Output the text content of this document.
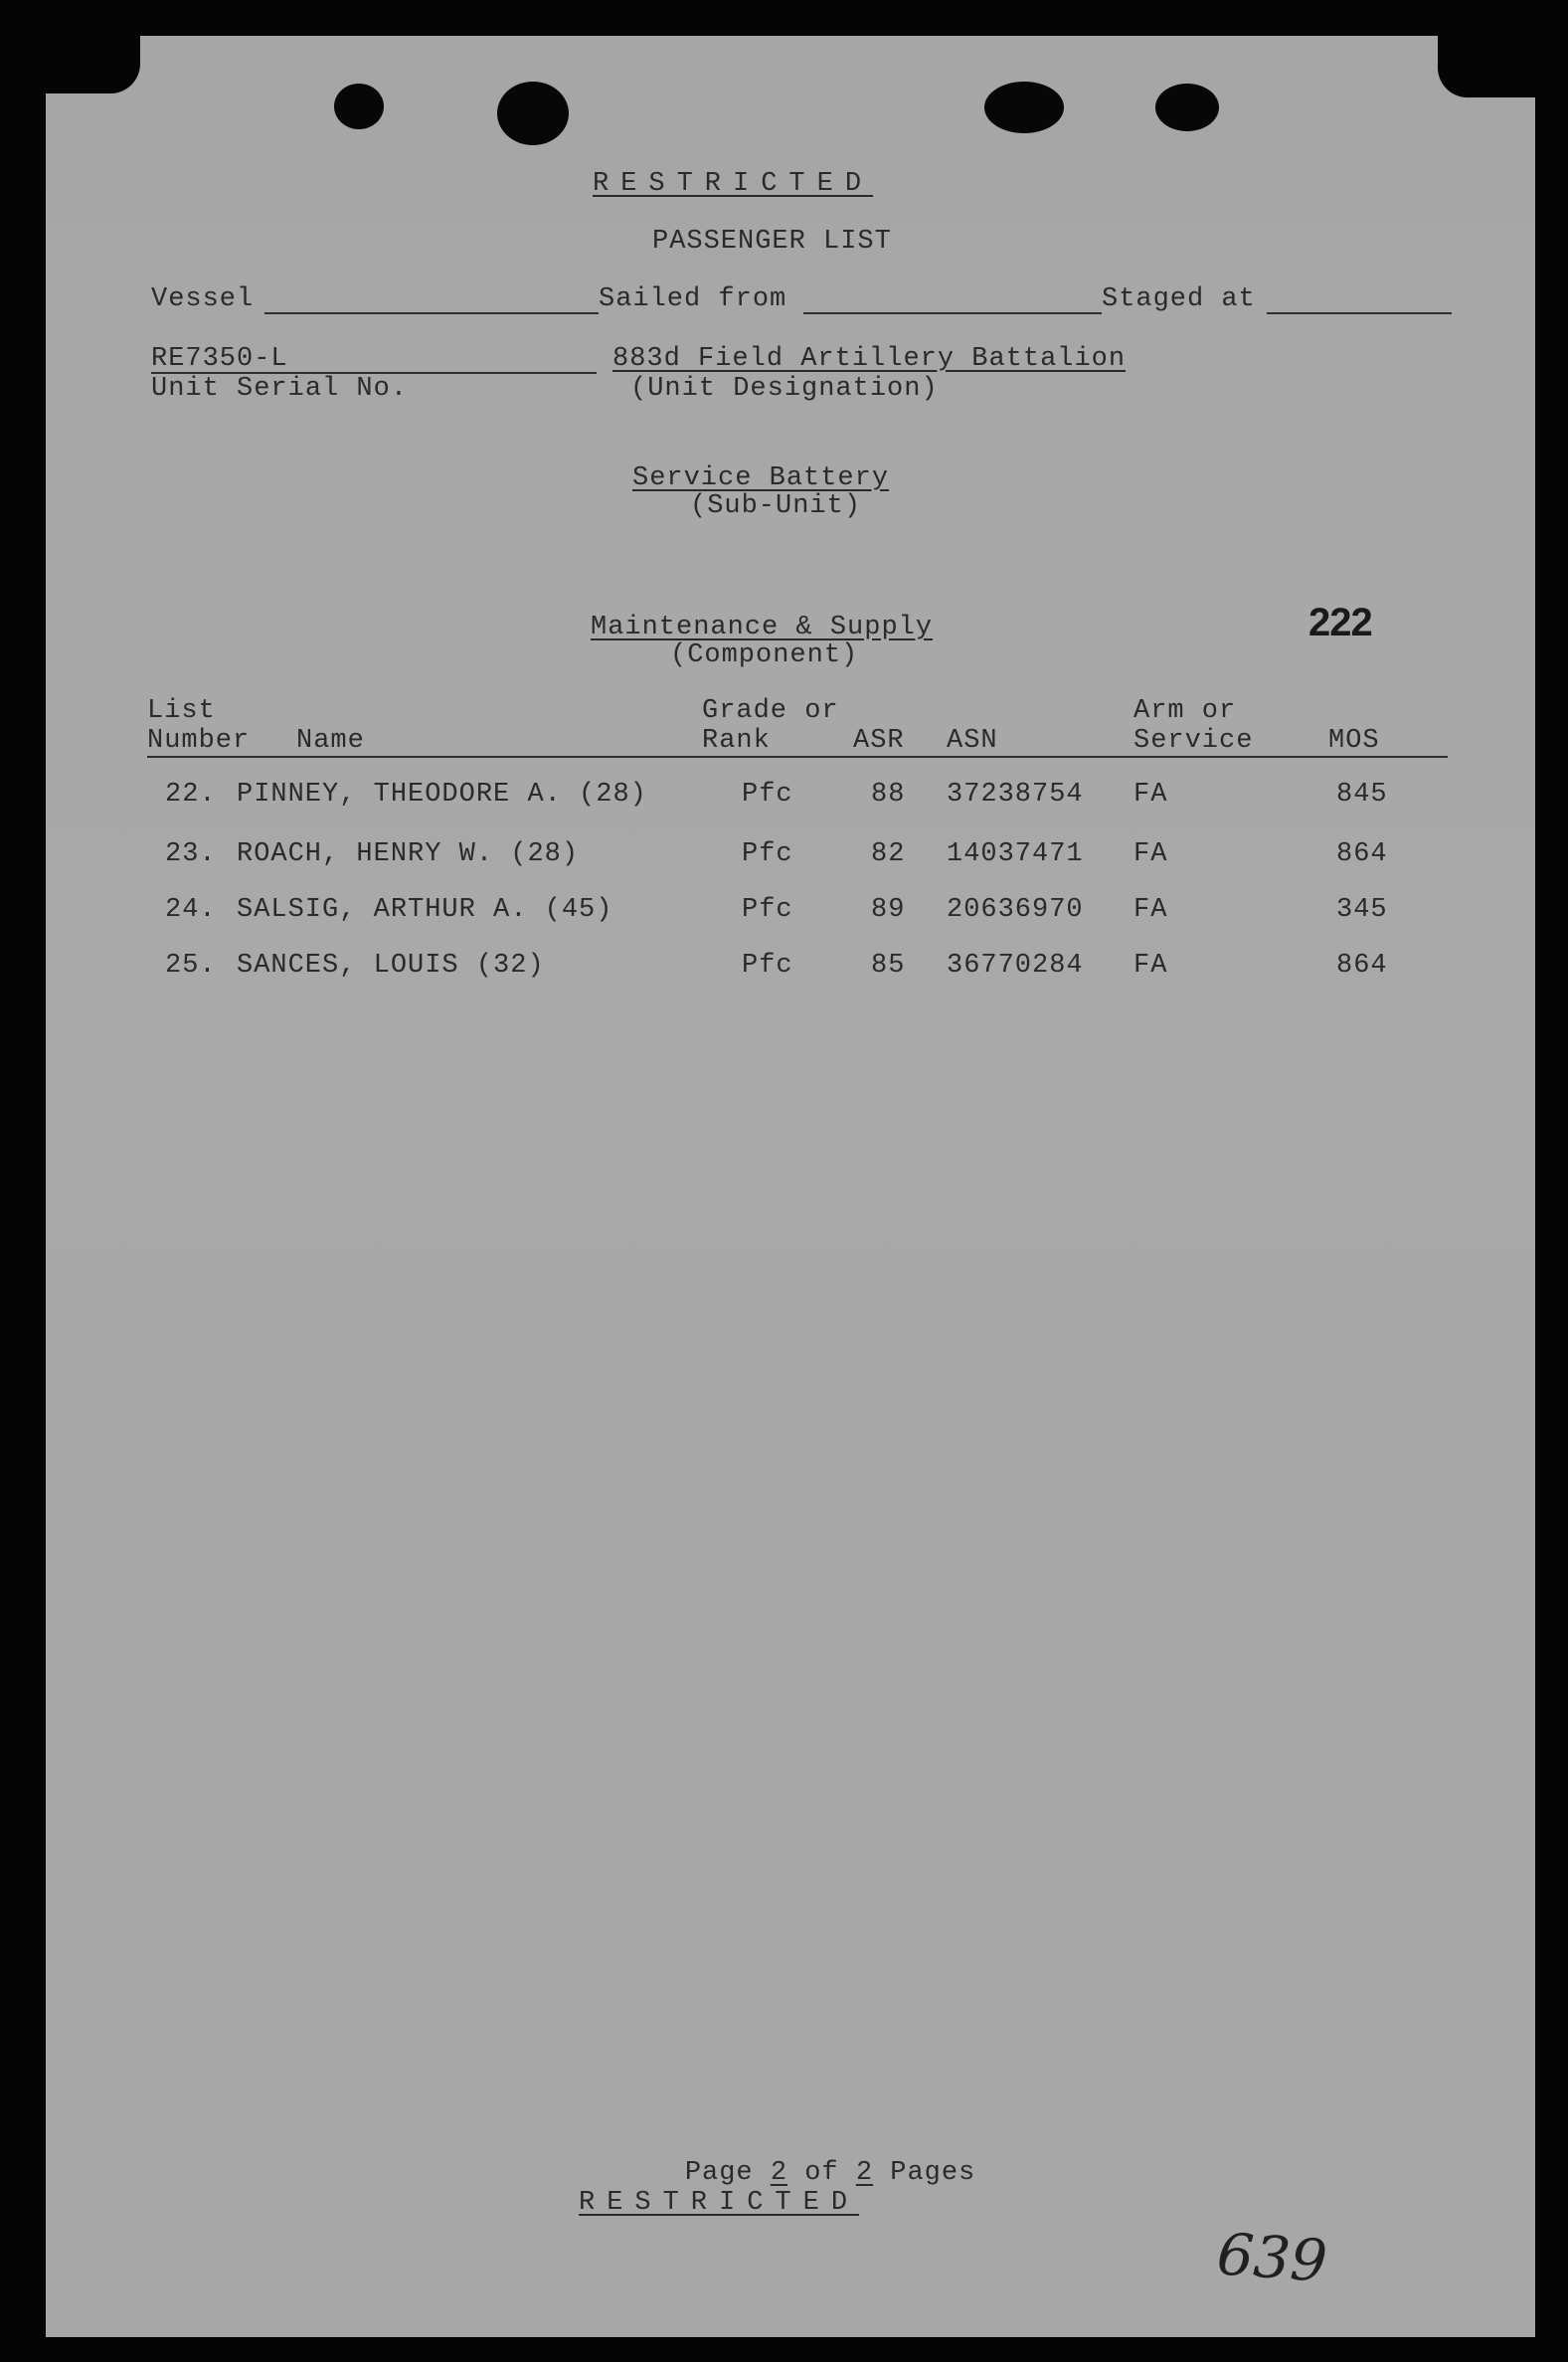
RESTRICTED
PASSENGER LIST
Vessel	Sailed from	Staged at
RE7350-L
Unit Serial No.
883d Field Artillery Battalion
(Unit Designation)
Service Battery
(Sub-Unit)
Maintenance & Supply
(Component)
222
List
Number Name
Grade or
Rank	ASR ASN
Arm or
Service	MOS
22. PINNEY, THEODORE A. (28)	Pfc	88 37238754 FA	845
23. ROACH, HENRY W. (28)	Pfc	82 14037471 FA	864
24. SALSIG, ARTHUR A. (45)	Pfc	89 20636970 FA	345
25. SANCES, LOUIS (32)	Pfc	85 36770284 FA	864

Page 2 of 2 Pages

RESTRICTED
639
